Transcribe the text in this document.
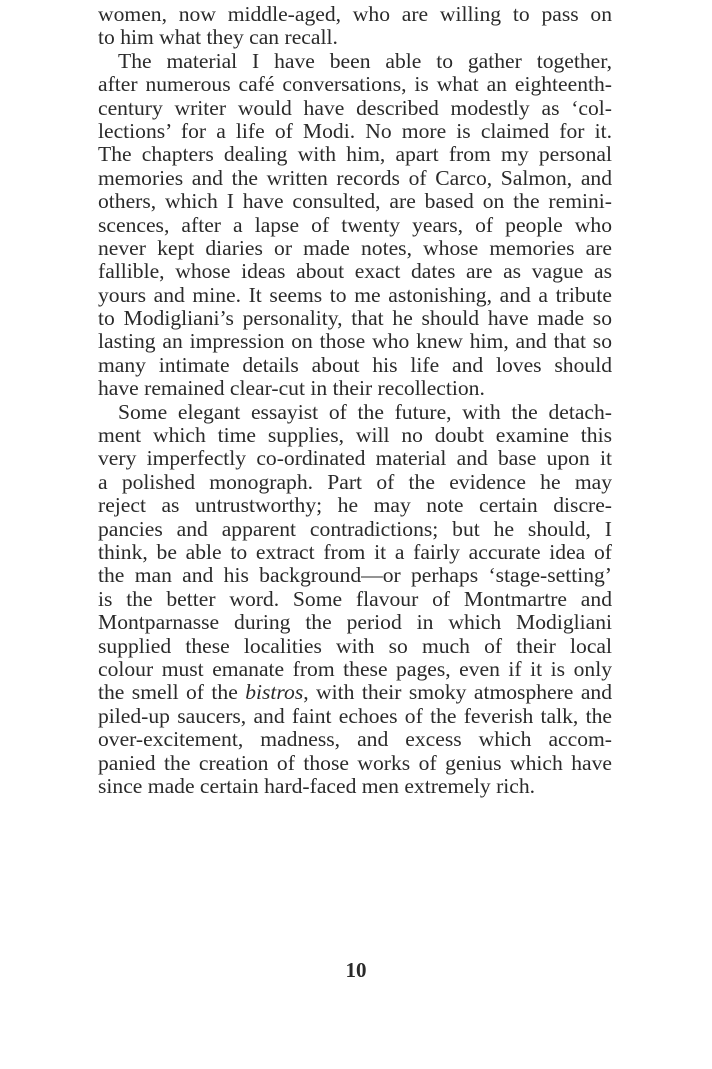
women, now middle-aged, who are willing to pass on
to him what they can recall.
The material I have been able to gather together,
after numerous café conversations, is what an eighteenth-
century writer would have described modestly as ‘col-
lections’ for a life of Modi. No more is claimed for it.
The chapters dealing with him, apart from my personal
memories and the written records of Carco, Salmon, and
others, which I have consulted, are based on the remini-
scences, after a lapse of twenty years, of people who
never kept diaries or made notes, whose memories are
fallible, whose ideas about exact dates are as vague as
yours and mine. It seems to me astonishing, and a tribute
to Modigliani’s personality, that he should have made so
lasting an impression on those who knew him, and that so
many intimate details about his life and loves should
have remained clear-cut in their recollection.
Some elegant essayist of the future, with the detach-
ment which time supplies, will no doubt examine this
very imperfectly co-ordinated material and base upon it
a polished monograph. Part of the evidence he may
reject as untrustworthy; he may note certain discre-
pancies and apparent contradictions; but he should, I
think, be able to extract from it a fairly accurate idea of
the man and his background—or perhaps ‘stage-setting’
is the better word. Some flavour of Montmartre and
Montparnasse during the period in which Modigliani
supplied these localities with so much of their local
colour must emanate from these pages, even if it is only
the smell of the bistros, with their smoky atmosphere and
piled-up saucers, and faint echoes of the feverish talk, the
over-excitement, madness, and excess which accom-
panied the creation of those works of genius which have
since made certain hard-faced men extremely rich.
10
